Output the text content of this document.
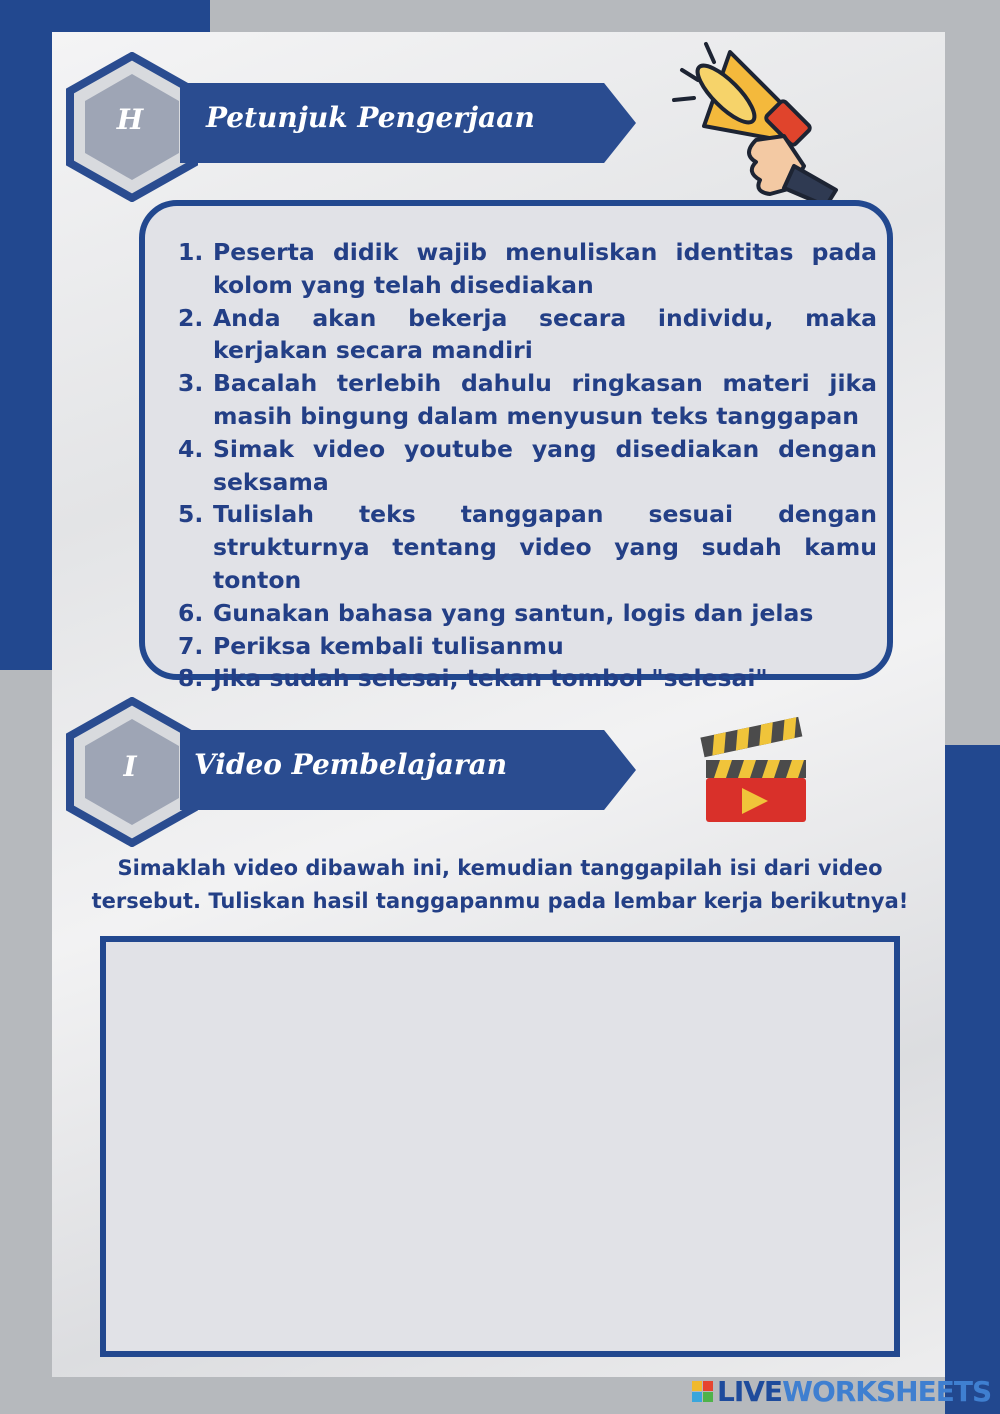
H	Petunjuk Pengerjaan
1. Peserta didik wajib menuliskan identitas pada kolom yang telah disediakan
2. Anda akan bekerja secara individu, maka kerjakan secara mandiri
3. Bacalah terlebih dahulu ringkasan materi jika masih bingung dalam menyusun teks tanggapan
4. Simak video youtube yang disediakan dengan seksama
5. Tulislah teks tanggapan sesuai dengan strukturnya tentang video yang sudah kamu tonton
6. Gunakan bahasa yang santun, logis dan jelas
7. Periksa kembali tulisanmu
8. Jika sudah selesai, tekan tombol "selesai"
I	Video Pembelajaran
Simaklah video dibawah ini, kemudian tanggapilah isi dari video
tersebut. Tuliskan hasil tanggapanmu pada lembar kerja berikutnya!
LIVE WORKSHEETS
